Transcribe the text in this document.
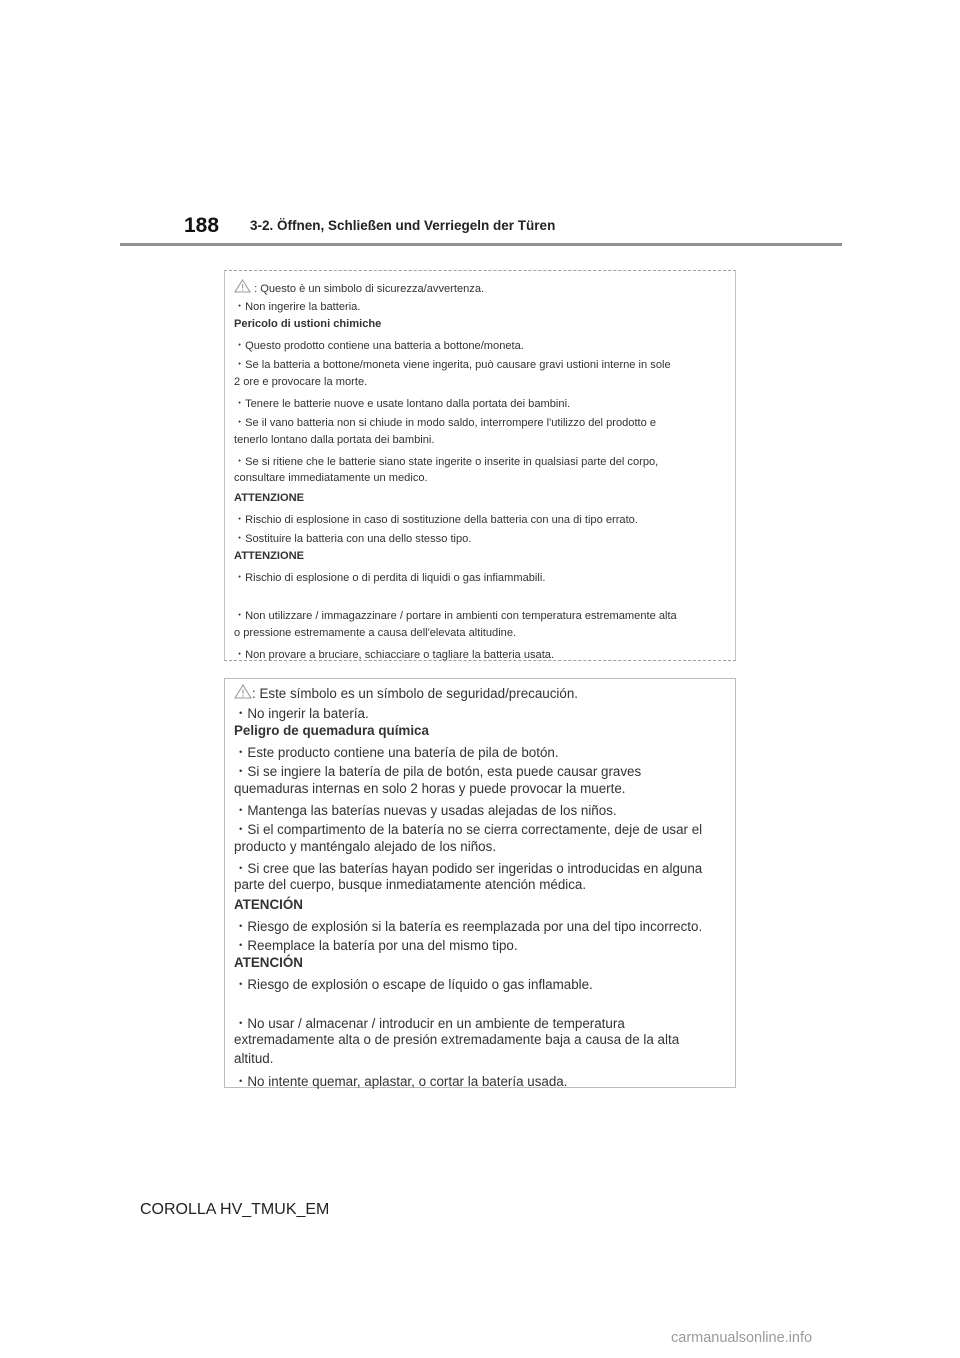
188 3-2. Öffnen, Schließen und Verriegeln der Türen
: Questo è un simbolo di sicurezza/avvertenza.
・Non ingerire la batteria.
Pericolo di ustioni chimiche
・Questo prodotto contiene una batteria a bottone/moneta.
・Se la batteria a bottone/moneta viene ingerita, può causare gravi ustioni interne in sole
2 ore e provocare la morte.
・Tenere le batterie nuove e usate lontano dalla portata dei bambini.
・Se il vano batteria non si chiude in modo saldo, interrompere l'utilizzo del prodotto e
tenerlo lontano dalla portata dei bambini.
・Se si ritiene che le batterie siano state ingerite o inserite in qualsiasi parte del corpo,
consultare immediatamente un medico.
ATTENZIONE
・Rischio di esplosione in caso di sostituzione della batteria con una di tipo errato.
・Sostituire la batteria con una dello stesso tipo.
ATTENZIONE
・Rischio di esplosione o di perdita di liquidi o gas infiammabili.
・Non utilizzare / immagazzinare / portare in ambienti con temperatura estremamente alta
o pressione estremamente a causa dell'elevata altitudine.
・Non provare a bruciare, schiacciare o tagliare la batteria usata.
: Este símbolo es un símbolo de seguridad/precaución.
・No ingerir la batería.
Peligro de quemadura química
・Este producto contiene una batería de pila de botón.
・Si se ingiere la batería de pila de botón, esta puede causar graves
quemaduras internas en solo 2 horas y puede provocar la muerte.
・Mantenga las baterías nuevas y usadas alejadas de los niños.
・Si el compartimento de la batería no se cierra correctamente, deje de usar el
producto y manténgalo alejado de los niños.
・Si cree que las baterías hayan podido ser ingeridas o introducidas en alguna
parte del cuerpo, busque inmediatamente atención médica.
ATENCIÓN
・Riesgo de explosión si la batería es reemplazada por una del tipo incorrecto.
・Reemplace la batería por una del mismo tipo.
ATENCIÓN
・Riesgo de explosión o escape de líquido o gas inflamable.
・No usar / almacenar / introducir en un ambiente de temperatura
extremadamente alta o de presión extremadamente baja a causa de la alta
altitud.
・No intente quemar, aplastar, o cortar la batería usada.
COROLLA HV_TMUK_EM
carmanualsonline.info
